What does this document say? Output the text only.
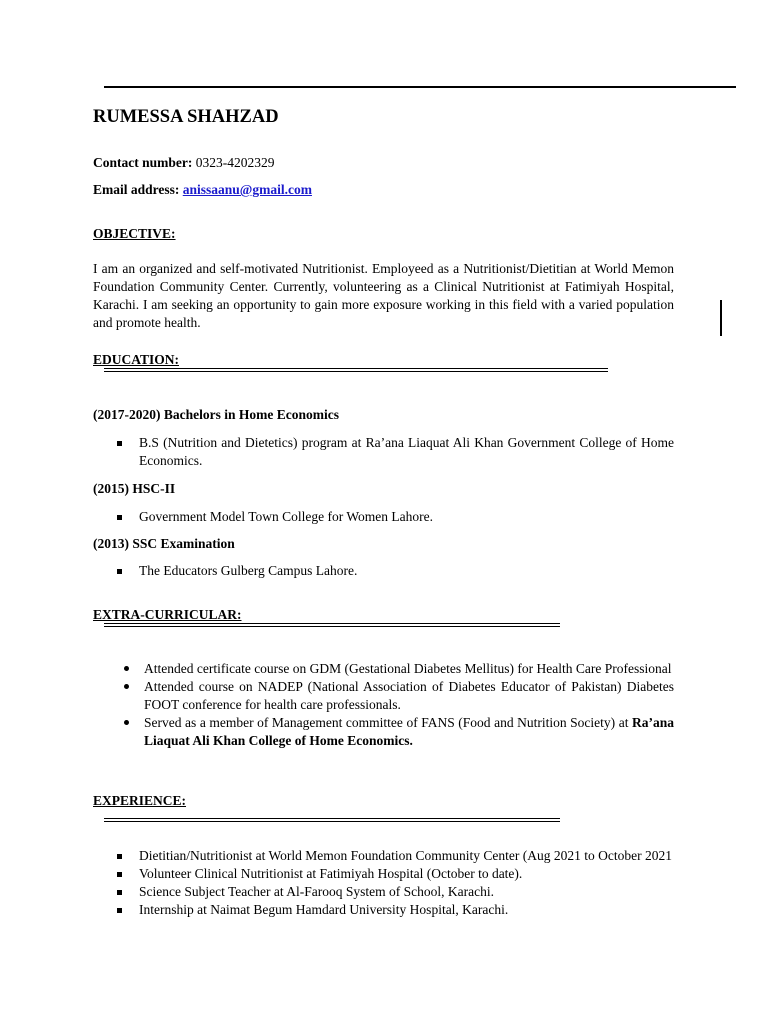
RUMESSA SHAHZAD
Contact number: 0323-4202329
Email address: anissaanu@gmail.com
OBJECTIVE:
I am an organized and self-motivated Nutritionist. Employeed as a Nutritionist/Dietitian at World Memon Foundation Community Center. Currently, volunteering as a Clinical Nutritionist at Fatimiyah Hospital, Karachi. I am seeking an opportunity to gain more exposure working in this field with a varied population and promote health.
EDUCATION:
(2017-2020) Bachelors in Home Economics
B.S (Nutrition and Dietetics) program at Ra’ana Liaquat Ali Khan Government College of Home Economics.
(2015) HSC-II
Government Model Town College for Women Lahore.
(2013) SSC Examination
The Educators Gulberg Campus Lahore.
EXTRA-CURRICULAR:
Attended certificate course on GDM (Gestational Diabetes Mellitus) for Health Care Professional
Attended course on NADEP (National Association of Diabetes Educator of Pakistan) Diabetes FOOT conference for health care professionals.
Served as a member of Management committee of FANS (Food and Nutrition Society) at Ra’ana Liaquat Ali Khan College of Home Economics.
EXPERIENCE:
Dietitian/Nutritionist at World Memon Foundation Community Center (Aug 2021 to October 2021
Volunteer Clinical Nutritionist at Fatimiyah Hospital (October to date).
Science Subject Teacher at Al-Farooq System of School, Karachi.
Internship at Naimat Begum Hamdard University Hospital, Karachi.
